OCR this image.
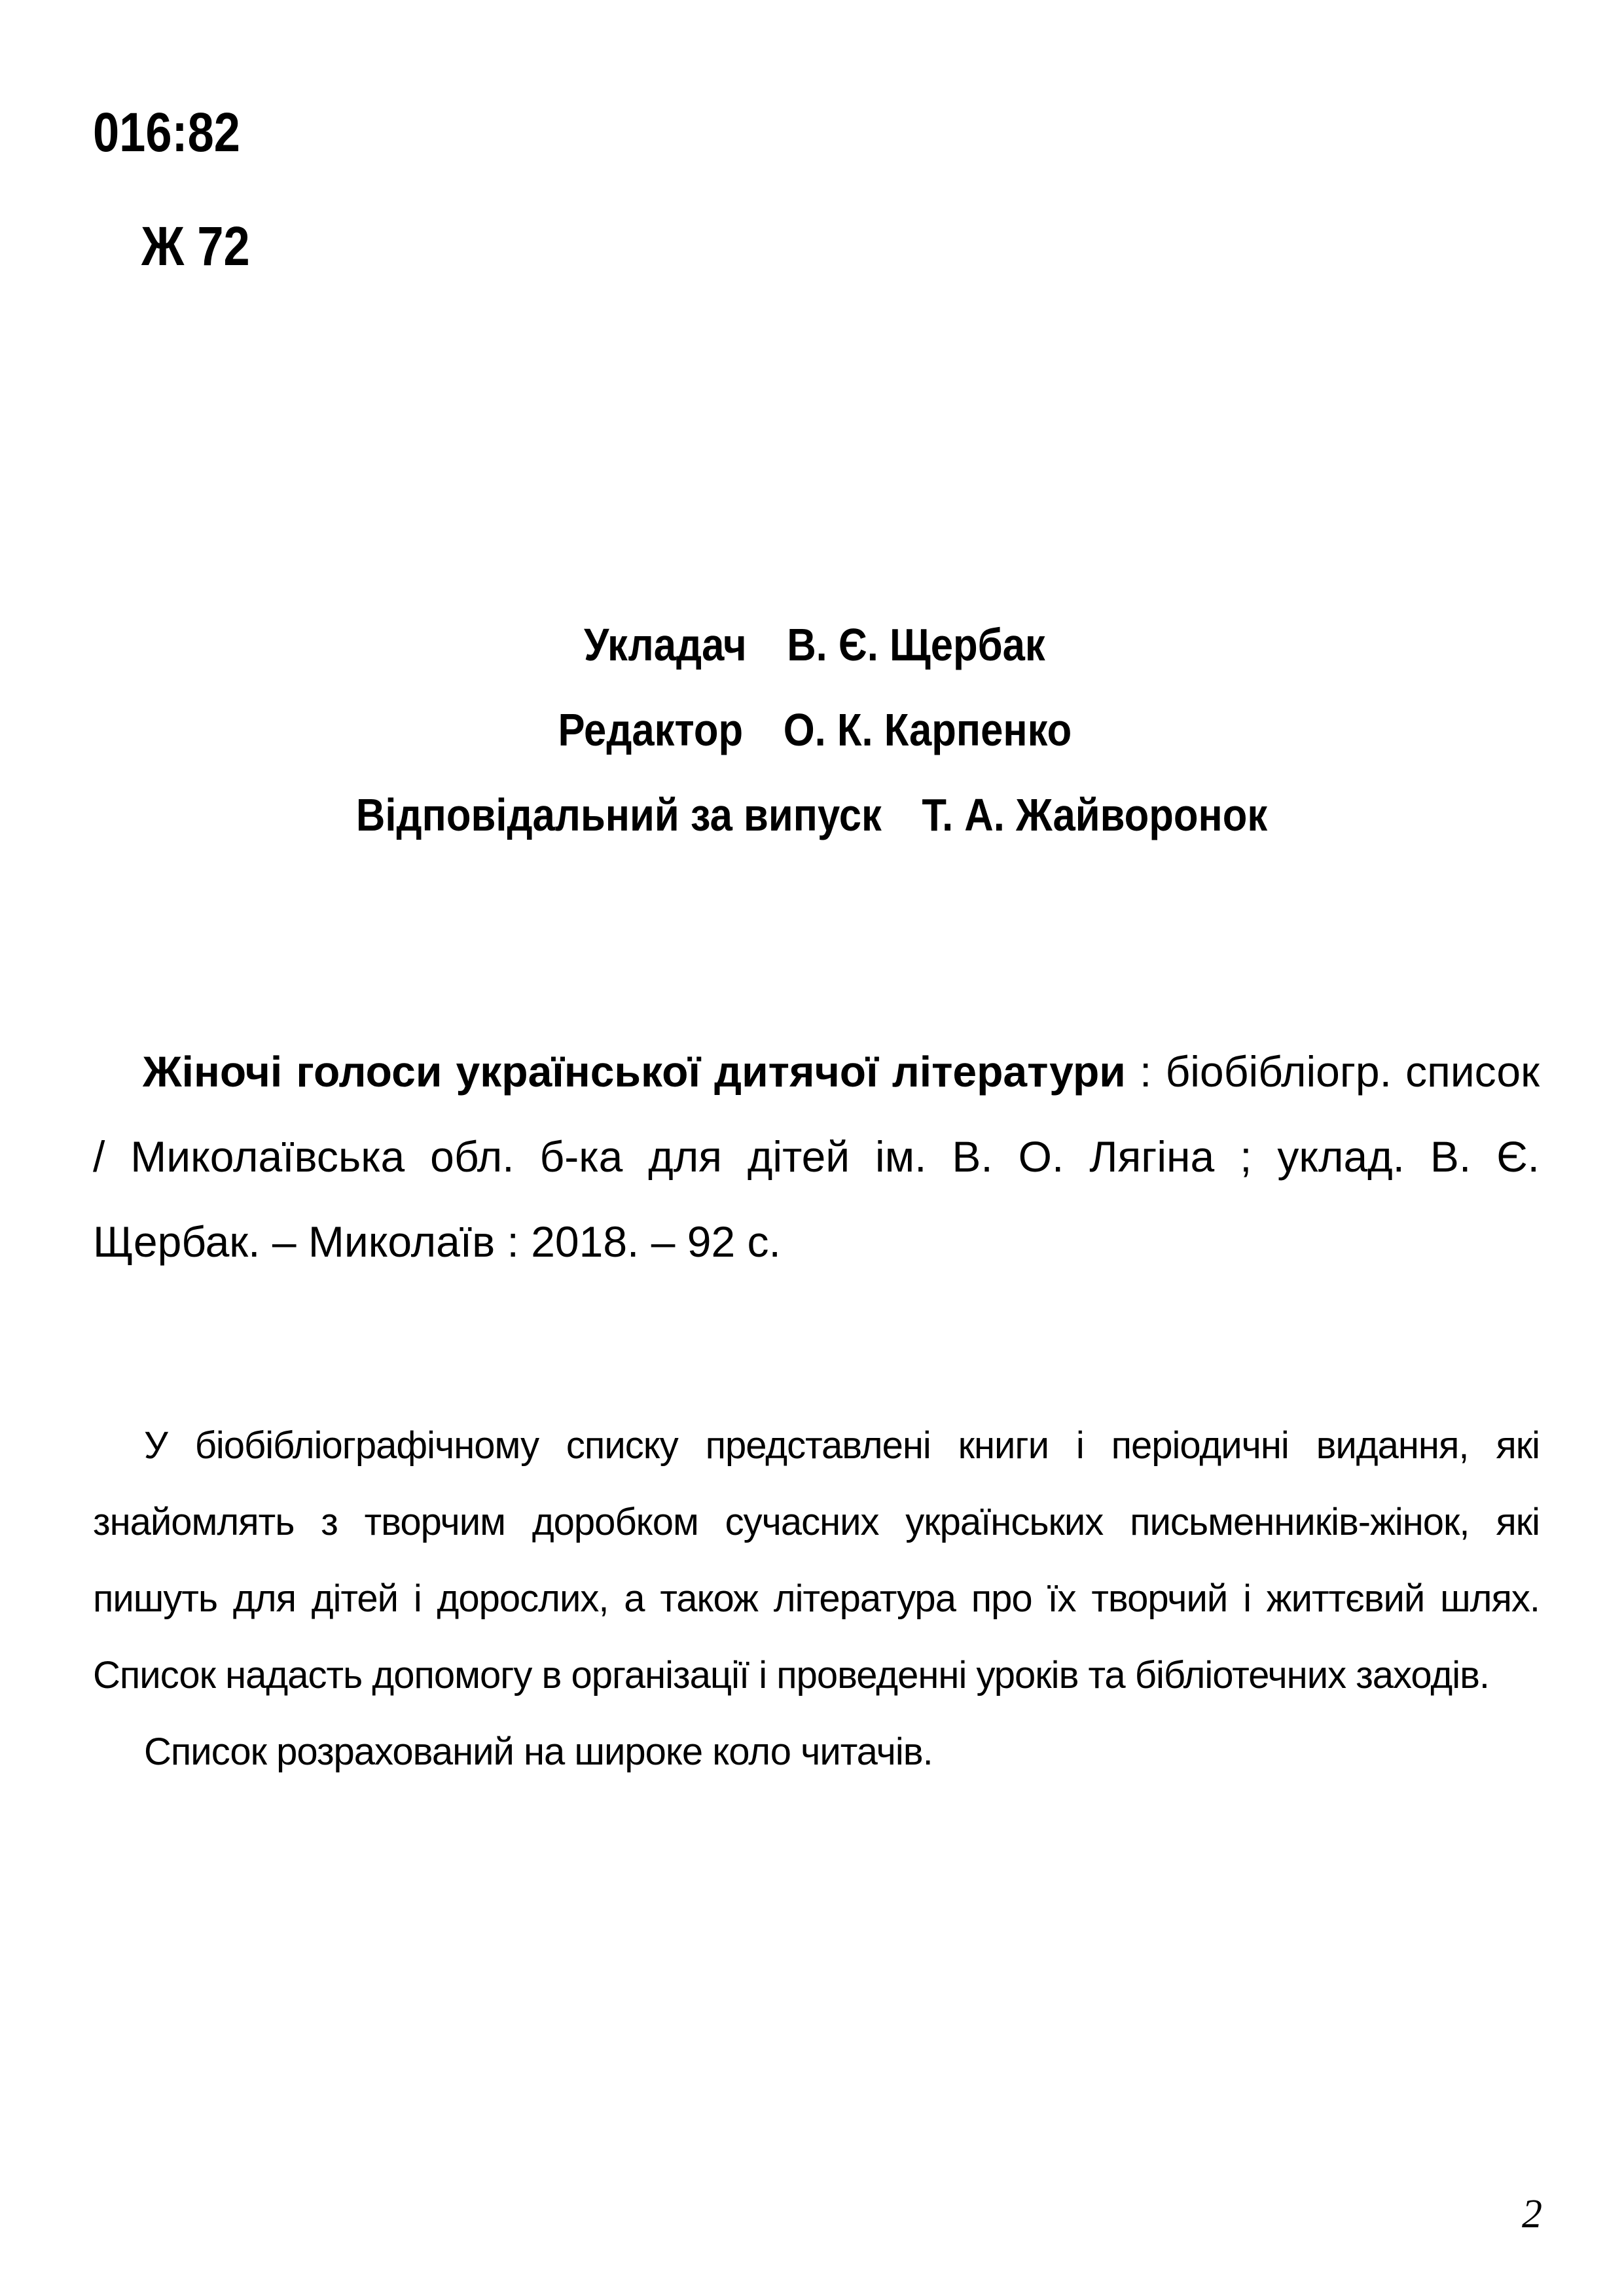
016:82
Ж 72
Укладач В. Є. Щербак
Редактор О. К. Карпенко
Відповідальний за випуск Т. А. Жайворонок
Жіночі голоси української дитячої літератури : біобібліогр. список / Миколаївська обл. б-ка для дітей ім. В. О. Лягіна ; уклад. В. Є. Щербак. – Миколаїв : 2018. – 92 с.

У біобібліографічному списку представлені книги і періодичні видання, які знайомлять з творчим доробком сучасних українських письменників-жінок, які пишуть для дітей і дорослих, а також література про їх творчий і життєвий шлях. Список надасть допомогу в організації і проведенні уроків та бібліотечних заходів.

Список розрахований на широке коло читачів.

2
